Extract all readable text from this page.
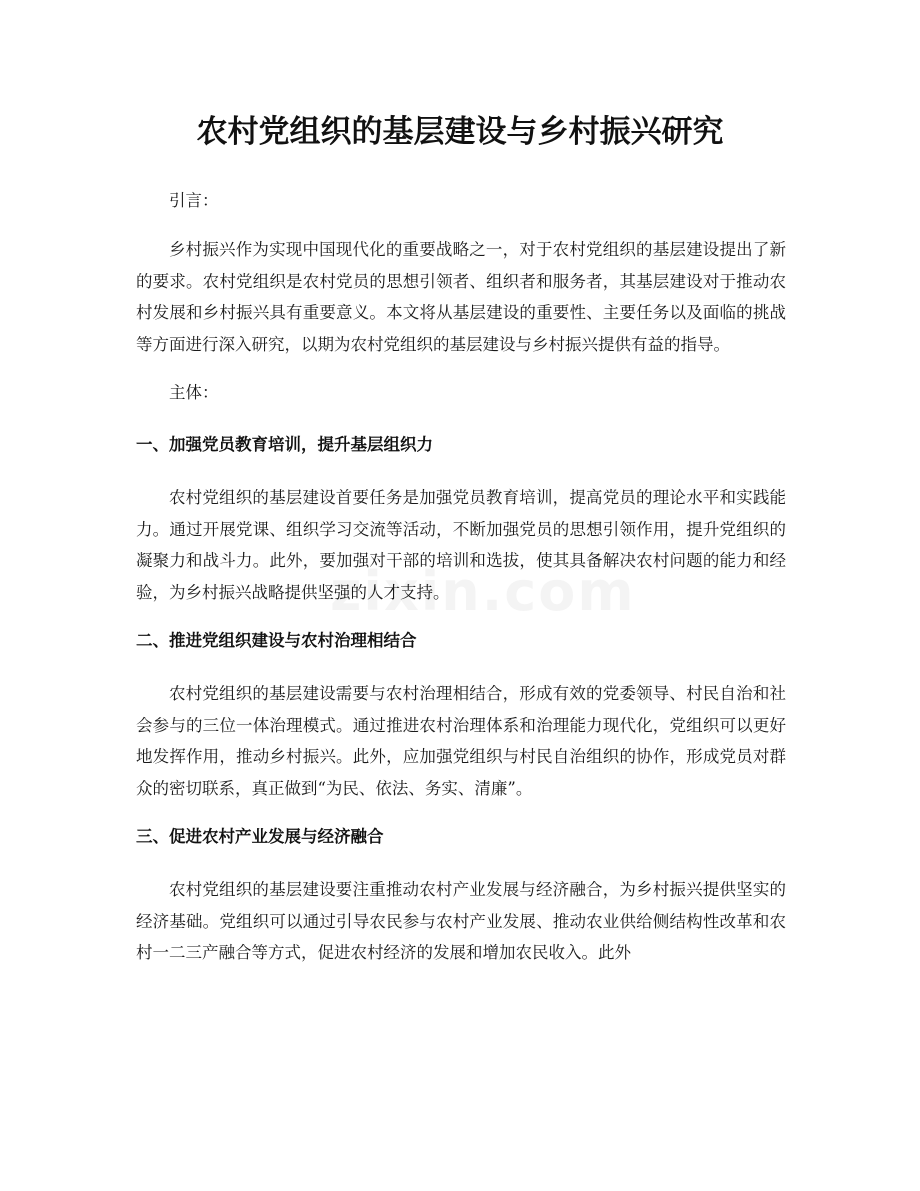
农村党组织的基层建设与乡村振兴研究

引言：

乡村振兴作为实现中国现代化的重要战略之一，对于农村党组织的基层建设提出了新的要求。农村党组织是农村党员的思想引领者、组织者和服务者，其基层建设对于推动农村发展和乡村振兴具有重要意义。本文将从基层建设的重要性、主要任务以及面临的挑战等方面进行深入研究，以期为农村党组织的基层建设与乡村振兴提供有益的指导。

主体：

一、加强党员教育培训，提升基层组织力

农村党组织的基层建设首要任务是加强党员教育培训，提高党员的理论水平和实践能力。通过开展党课、组织学习交流等活动，不断加强党员的思想引领作用，提升党组织的凝聚力和战斗力。此外，要加强对干部的培训和选拔，使其具备解决农村问题的能力和经验，为乡村振兴战略提供坚强的人才支持。

二、推进党组织建设与农村治理相结合

农村党组织的基层建设需要与农村治理相结合，形成有效的党委领导、村民自治和社会参与的三位一体治理模式。通过推进农村治理体系和治理能力现代化，党组织可以更好地发挥作用，推动乡村振兴。此外，应加强党组织与村民自治组织的协作，形成党员对群众的密切联系，真正做到“为民、依法、务实、清廉”。

三、促进农村产业发展与经济融合

农村党组织的基层建设要注重推动农村产业发展与经济融合，为乡村振兴提供坚实的经济基础。党组织可以通过引导农民参与农村产业发展、推动农业供给侧结构性改革和农村一二三产融合等方式，促进农村经济的发展和增加农民收入。此外
